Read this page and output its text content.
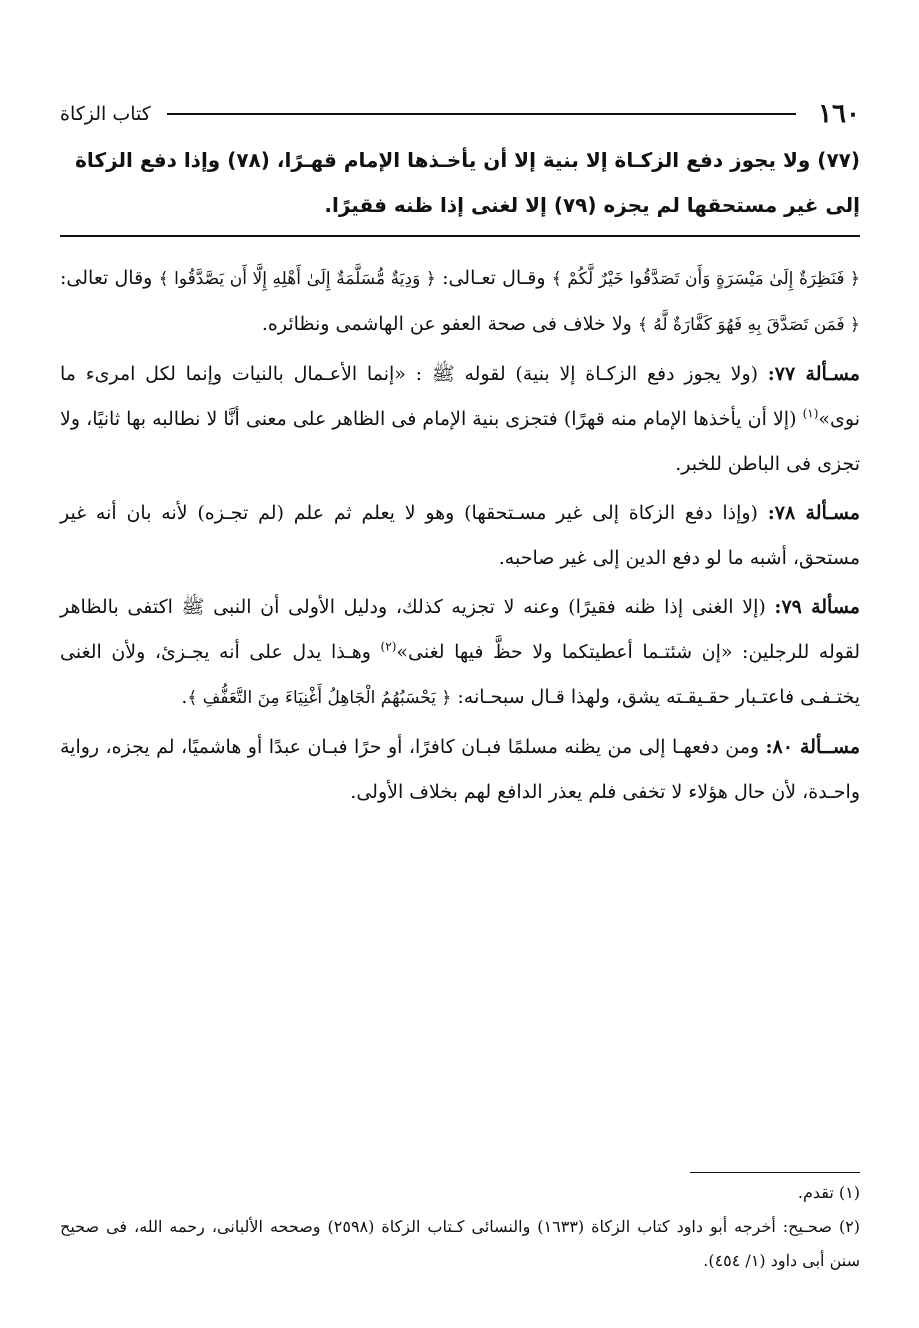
١٦٠
كتاب الزكاة

(٧٧) ولا يجوز دفع الزكـاة إلا بنية إلا أن يأخـذها الإمام قهـرًا، (٧٨) وإذا دفع الزكاة

إلى غير مستحقها لم يجزه (٧٩) إلا لغنى إذا ظنه فقيرًا.

﴿ فَنَظِرَةٌ إِلَىٰ مَيْسَرَةٍ وَأَن تَصَدَّقُوا خَيْرٌ لَّكُمْ ﴾ وقـال تعـالى: ﴿ وَدِيَةٌ مُّسَلَّمَةٌ إِلَىٰ أَهْلِهِ إِلَّا أَن يَصَّدَّقُوا ﴾ وقال تعالى: ﴿ فَمَن تَصَدَّقَ بِهِ فَهُوَ كَفَّارَةٌ لَّهُ ﴾ ولا خلاف فى صحة العفو عن الهاشمى ونظائره.

مسـألة ٧٧: (ولا يجوز دفع الزكـاة إلا بنية) لقوله ﷺ : «إنما الأعـمال بالنيات وإنما لكل امرىء ما نوى»$^{(١)}$ (إلا أن يأخذها الإمام منه قهرًا) فتجزى بنية الإمام فى الظاهر على معنى أنَّا لا نطالبه بها ثانيًا، ولا تجزى فى الباطن للخبر.

مسـألة ٧٨: (وإذا دفع الزكاة إلى غير مسـتحقها) وهو لا يعلم ثم علم (لم تجـزه) لأنه بان أنه غير مستحق، أشبه ما لو دفع الدين إلى غير صاحبه.

مسألة ٧٩: (إلا الغنى إذا ظنه فقيرًا) وعنه لا تجزيه كذلك، ودليل الأولى أن النبى ﷺ اكتفى بالظاهر لقوله للرجلين: «إن شئتـما أعطيتكما ولا حظَّ فيها لغنى»$^{(٢)}$ وهـذا يدل على أنه يجـزئ، ولأن الغنى يختـفـى فاعتـبار حقـيقـته يشق، ولهذا قـال سبحـانه: ﴿ يَحْسَبُهُمُ الْجَاهِلُ أَغْنِيَاءَ مِنَ التَّعَفُّفِ ﴾.

مســألة ٨٠: ومن دفعهـا إلى من يظنه مسلمًا فبـان كافرًا، أو حرًا فبـان عبدًا أو هاشميًا، لم يجزه، رواية واحـدة، لأن حال هؤلاء لا تخفى فلم يعذر الدافع لهم بخلاف الأولى.

(١) تقدم.

(٢) صحـيح: أخرجه أبو داود كتاب الزكاة (١٦٣٣) والنسائى كـتاب الزكاة (٢٥٩٨) وصححه الألبانى، رحمه الله، فى صحيح سنن أبى داود (١/ ٤٥٤).
